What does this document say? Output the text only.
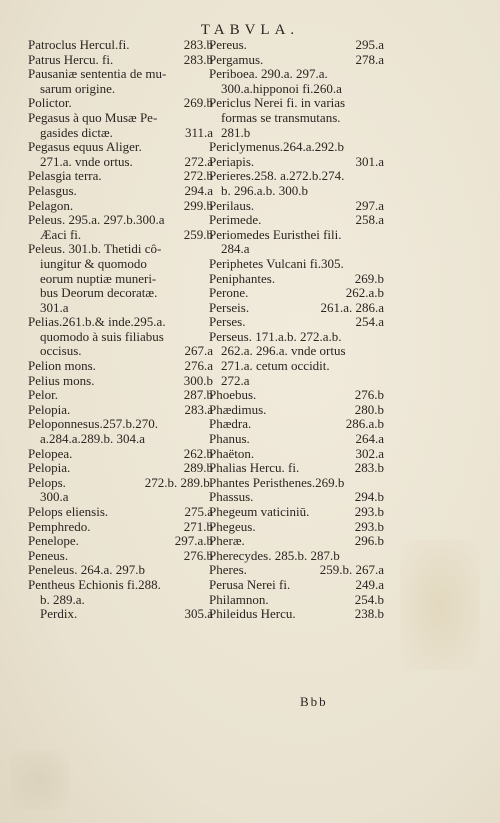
TABVLA.
Patroclus Hercul.fi.	283.b
Patrus Hercu. fi.	283.b
Pausaniæ sententia de mu-
sarum origine.
Polictor.	269.b
Pegasus à quo Musæ Pe-
gasides dictæ.	311.a
Pegasus equus Aliger.
271.a. vnde ortus.	272.a
Pelasgia terra.	272.b
Pelasgus.	294.a
Pelagon.	299.b
Peleus. 295.a. 297.b.300.a
Æaci fi.	259.b
Peleus. 301.b. Thetidi cô-
iungitur & quomodo
eorum nuptiæ muneri-
bus Deorum decoratæ.
301.a
Pelias.261.b.& inde.295.a.
quomodo à suis filiabus
occisus.	267.a
Pelion mons.	276.a
Pelius mons.	300.b
Pelor.	287.b
Pelopia.	283.a
Peloponnesus.257.b.270.
a.284.a.289.b. 304.a
Pelopea.	262.b
Pelopia.	289.b
Pelops.	272.b. 289.b.
300.a
Pelops eliensis.	275.a
Pemphredo.	271.b
Penelope.	297.a.b
Peneus.	276.b
Peneleus. 264.a. 297.b
Pentheus Echionis fi.288.
b. 289.a.
Perdix.	305.a
Pereus.	295.a
Pergamus.	278.a
Periboea. 290.a. 297.a.
300.a.hipponoi fi.260.a
Periclus Nerei fi. in varias
formas se transmutans.
281.b
Periclymenus.264.a.292.b
Periapis.	301.a
Perieres.258. a.272.b.274.
b. 296.a.b. 300.b
Perilaus.	297.a
Perimede.	258.a
Periomedes Euristhei fili.
284.a
Periphetes Vulcani fi.305.
Peniphantes.	269.b
Perone.	262.a.b
Perseis.	261.a. 286.a
Perses.	254.a
Perseus. 171.a.b. 272.a.b.
262.a. 296.a. vnde ortus
271.a. cetum occidit.
272.a
Phoebus.	276.b
Phædimus.	280.b
Phædra.	286.a.b
Phanus.	264.a
Phaëton.	302.a
Phalias Hercu. fi.	283.b
Phantes Peristhenes.269.b
Phassus.	294.b
Phegeum vaticiniū.	293.b
Phegeus.	293.b
Pheræ.	296.b
Pherecydes. 285.b. 287.b
Pheres.	259.b. 267.a
Perusa Nerei fi.	249.a
Philamnon.	254.b
Phileidus Hercu.	238.b
Bbb
